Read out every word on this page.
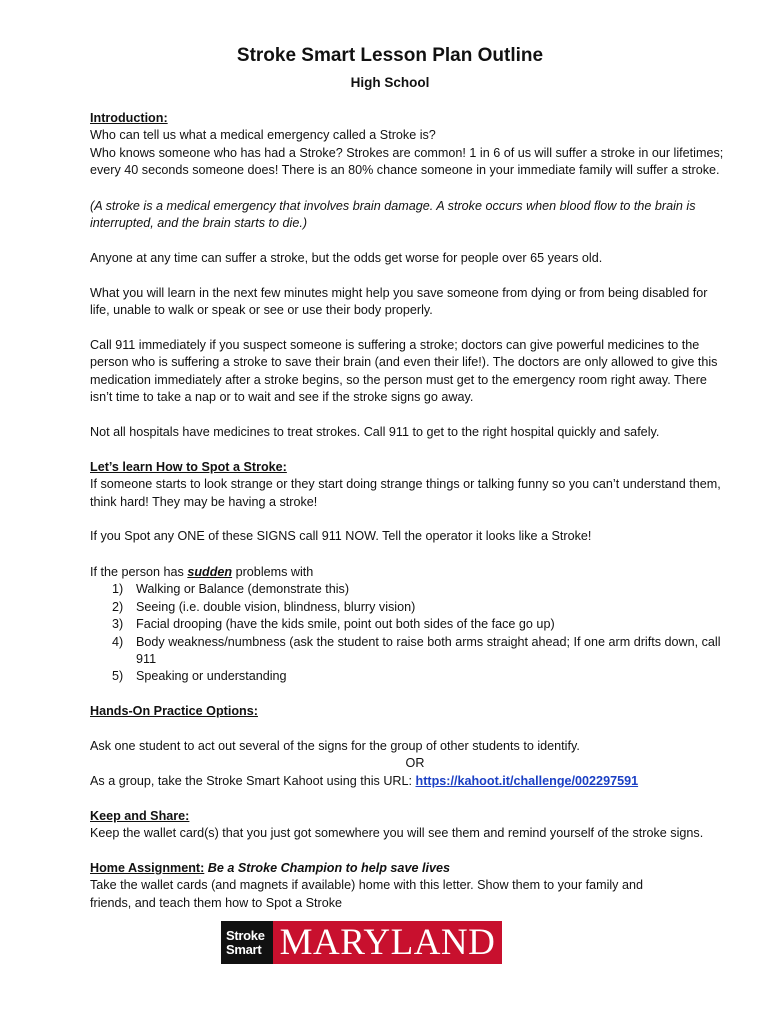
Stroke Smart Lesson Plan Outline
High School
Introduction:
Who can tell us what a medical emergency called a Stroke is?
Who knows someone who has had a Stroke? Strokes are common! 1 in 6 of us will suffer a stroke in our lifetimes;
every 40 seconds someone does! There is an 80% chance someone in your immediate family will suffer a stroke.
(A stroke is a medical emergency that involves brain damage. A stroke occurs when blood flow to the brain is
interrupted, and the brain starts to die.)
Anyone at any time can suffer a stroke, but the odds get worse for people over 65 years old.
What you will learn in the next few minutes might help you save someone from dying or from being disabled for
life, unable to walk or speak or see or use their body properly.
Call 911 immediately if you suspect someone is suffering a stroke; doctors can give powerful medicines to the
person who is suffering a stroke to save their brain (and even their life!). The doctors are only allowed to give this
medication immediately after a stroke begins, so the person must get to the emergency room right away. There
isn’t time to take a nap or to wait and see if the stroke signs go away.
Not all hospitals have medicines to treat strokes. Call 911 to get to the right hospital quickly and safely.
Let’s learn How to Spot a Stroke:
If someone starts to look strange or they start doing strange things or talking funny so you can’t understand them,
think hard! They may be having a stroke!
If you Spot any ONE of these SIGNS call 911 NOW. Tell the operator it looks like a Stroke!
If the person has sudden problems with
1) Walking or Balance (demonstrate this)
2) Seeing (i.e. double vision, blindness, blurry vision)
3) Facial drooping (have the kids smile, point out both sides of the face go up)
4) Body weakness/numbness (ask the student to raise both arms straight ahead; If one arm drifts down, call
911
5) Speaking or understanding
Hands-On Practice Options:
Ask one student to act out several of the signs for the group of other students to identify.
OR
As a group, take the Stroke Smart Kahoot using this URL: https://kahoot.it/challenge/002297591
Keep and Share:
Keep the wallet card(s) that you just got somewhere you will see them and remind yourself of the stroke signs.
Home Assignment: Be a Stroke Champion to help save lives
Take the wallet cards (and magnets if available) home with this letter. Show them to your family and
friends, and teach them how to Spot a Stroke
Stroke
Smart MARYLAND
